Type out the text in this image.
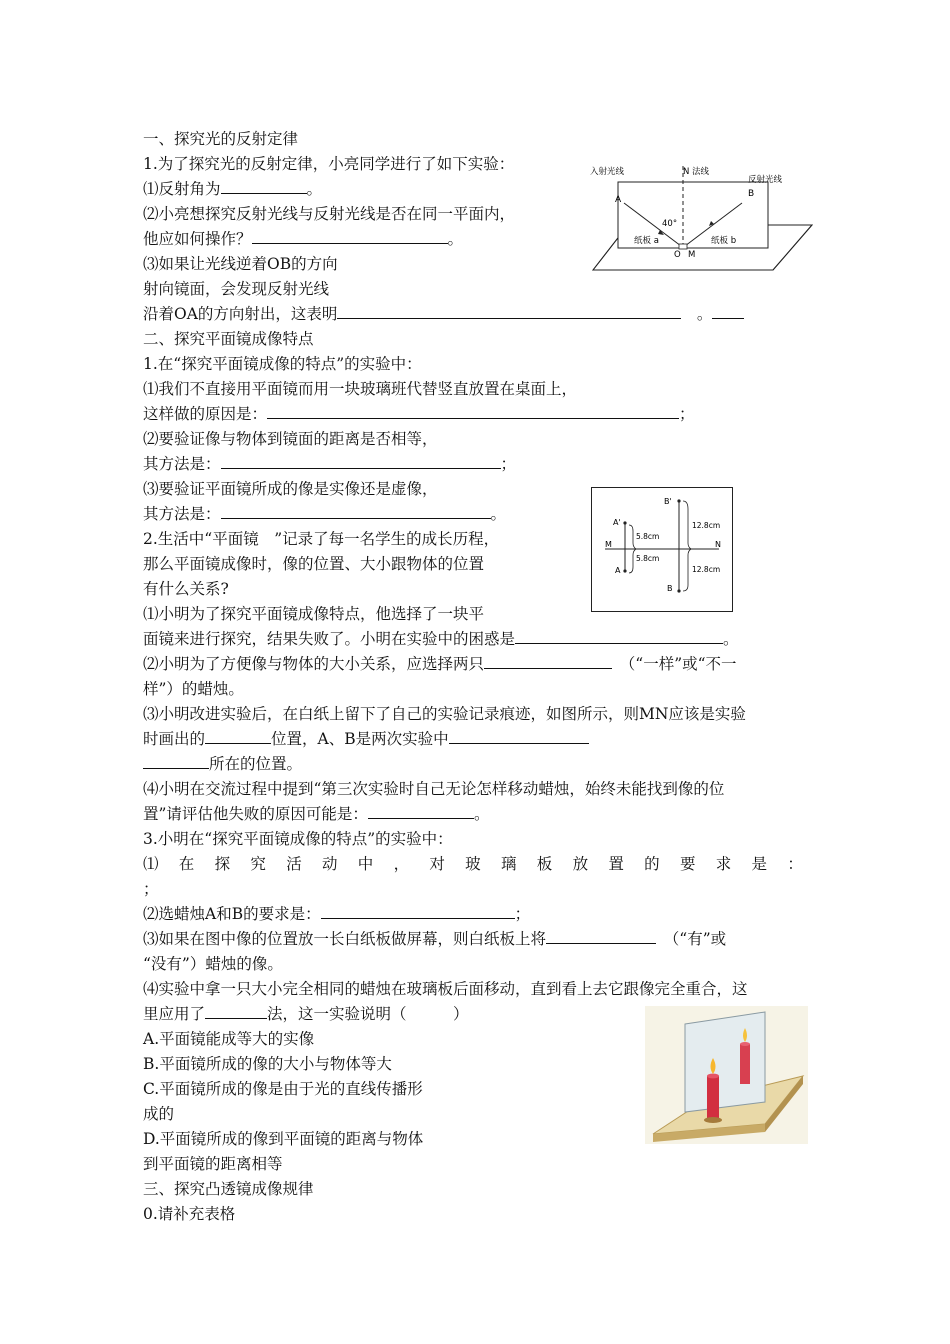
一、探究光的反射定律
1.为了探究光的反射定律，小亮同学进行了如下实验：
⑴反射角为	。
⑵小亮想探究反射光线与反射光线是否在同一平面内，
他应如何操作？	。
⑶如果让光线逆着OB的方向
射向镜面，会发现反射光线
沿着OA的方向射出，这表明	　。
二、探究平面镜成像特点
1.在“探究平面镜成像的特点”的实验中：
⑴我们不直接用平面镜而用一块玻璃班代替竖直放置在桌面上，
这样做的原因是：	；
⑵要验证像与物体到镜面的距离是否相等，
其方法是：	；
⑶要验证平面镜所成的像是实像还是虚像，
其方法是：	。
2.生活中“平面镜　”记录了每一名学生的成长历程，
那么平面镜成像时，像的位置、大小跟物体的位置
有什么关系?
⑴小明为了探究平面镜成像特点，他选择了一块平
面镜来进行探究，结果失败了。小明在实验中的困惑是	。
⑵小明为了方便像与物体的大小关系，应选择两只　	（“一样”或“不一
样”）的蜡烛。
⑶小明改进实验后，在白纸上留下了自己的实验记录痕迹，如图所示，则MN应该是实验
时画出的	位置，A、B是两次实验中
所在的位置。
⑷小明在交流过程中提到“第三次实验时自己无论怎样移动蜡烛，始终未能找到像的位
置”请评估他失败的原因可能是：	。
3.小明在“探究平面镜成像的特点”的实验中：
⑴ 在 探 究 活 动 中 ， 对 玻 璃 板 放 置 的 要 求 是 ：
；
⑵选蜡烛A和B的要求是：	；
⑶如果在图中像的位置放一长白纸板做屏幕，则白纸板上将　	（“有”或
“没有”）蜡烛的像。
⑷实验中拿一只大小完全相同的蜡烛在玻璃板后面移动，直到看上去它跟像完全重合，这
里应用了	法，这一实验说明（　　　）
A.平面镜能成等大的实像
B.平面镜所成的像的大小与物体等大
C.平面镜所成的像是由于光的直线传播形
成的
D.平面镜所成的像到平面镜的距离与物体
到平面镜的距离相等
三、探究凸透镜成像规律
0.请补充表格
入射光线	N 法线
反射光线
A
B
40°
纸板 a	纸板 b
O M
A'
A
B'
B
M	N
5.8cm
5.8cm
12.8cm
12.8cm
